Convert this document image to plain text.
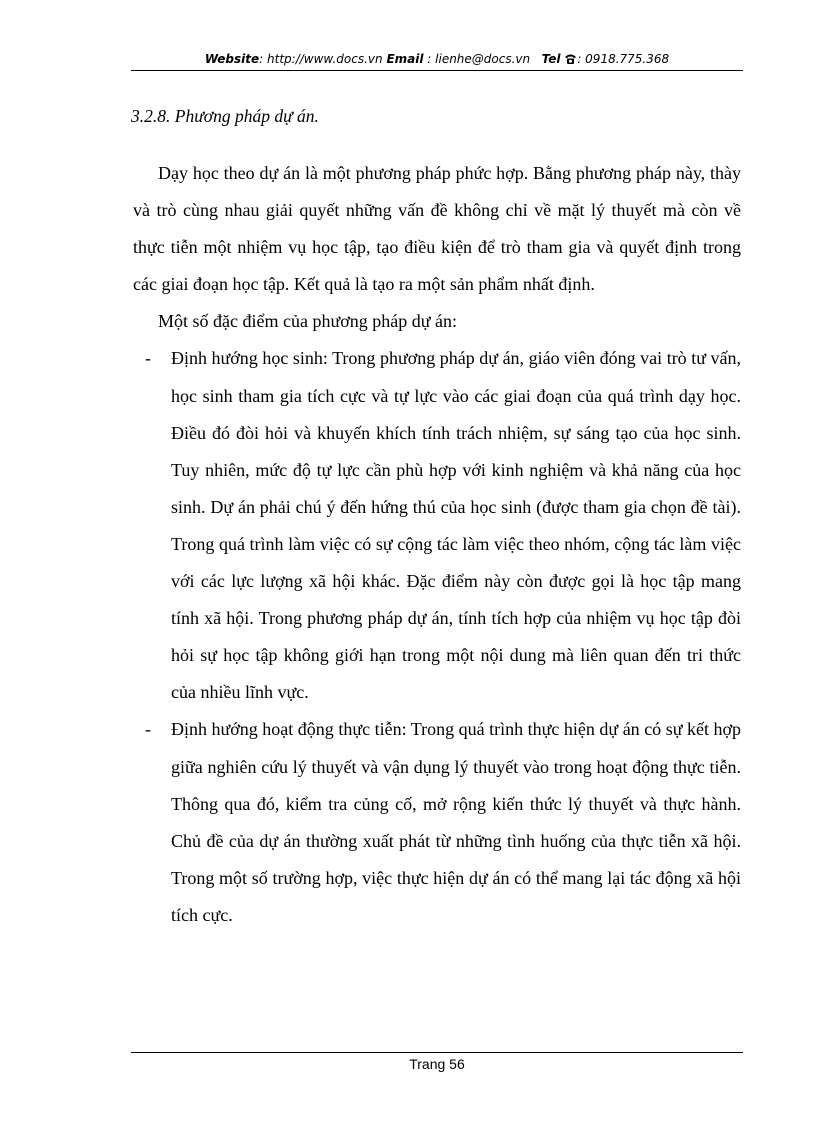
Website: http://www.docs.vn Email : lienhe@docs.vn Tel : 0918.775.368
3.2.8. Phương pháp dự án.

Dạy học theo dự án là một phương pháp phức hợp. Bằng phương pháp này, thày và trò cùng nhau giải quyết những vấn đề không chỉ về mặt lý thuyết mà còn về thực tiễn một nhiệm vụ học tập, tạo điều kiện để trò tham gia và quyết định trong các giai đoạn học tập. Kết quả là tạo ra một sản phẩm nhất định.

Một số đặc điểm của phương pháp dự án:

- Định hướng học sinh: Trong phương pháp dự án, giáo viên đóng vai trò tư vấn, học sinh tham gia tích cực và tự lực vào các giai đoạn của quá trình dạy học. Điều đó đòi hỏi và khuyến khích tính trách nhiệm, sự sáng tạo của học sinh. Tuy nhiên, mức độ tự lực cần phù hợp với kinh nghiệm và khả năng của học sinh. Dự án phải chú ý đến hứng thú của học sinh (được tham gia chọn đề tài). Trong quá trình làm việc có sự cộng tác làm việc theo nhóm, cộng tác làm việc với các lực lượng xã hội khác. Đặc điểm này còn được gọi là học tập mang tính xã hội. Trong phương pháp dự án, tính tích hợp của nhiệm vụ học tập đòi hỏi sự học tập không giới hạn trong một nội dung mà liên quan đến tri thức của nhiều lĩnh vực.
- Định hướng hoạt động thực tiễn: Trong quá trình thực hiện dự án có sự kết hợp giữa nghiên cứu lý thuyết và vận dụng lý thuyết vào trong hoạt động thực tiễn. Thông qua đó, kiểm tra củng cố, mở rộng kiến thức lý thuyết và thực hành. Chủ đề của dự án thường xuất phát từ những tình huống của thực tiễn xã hội. Trong một số trường hợp, việc thực hiện dự án có thể mang lại tác động xã hội tích cực.
Trang 56
